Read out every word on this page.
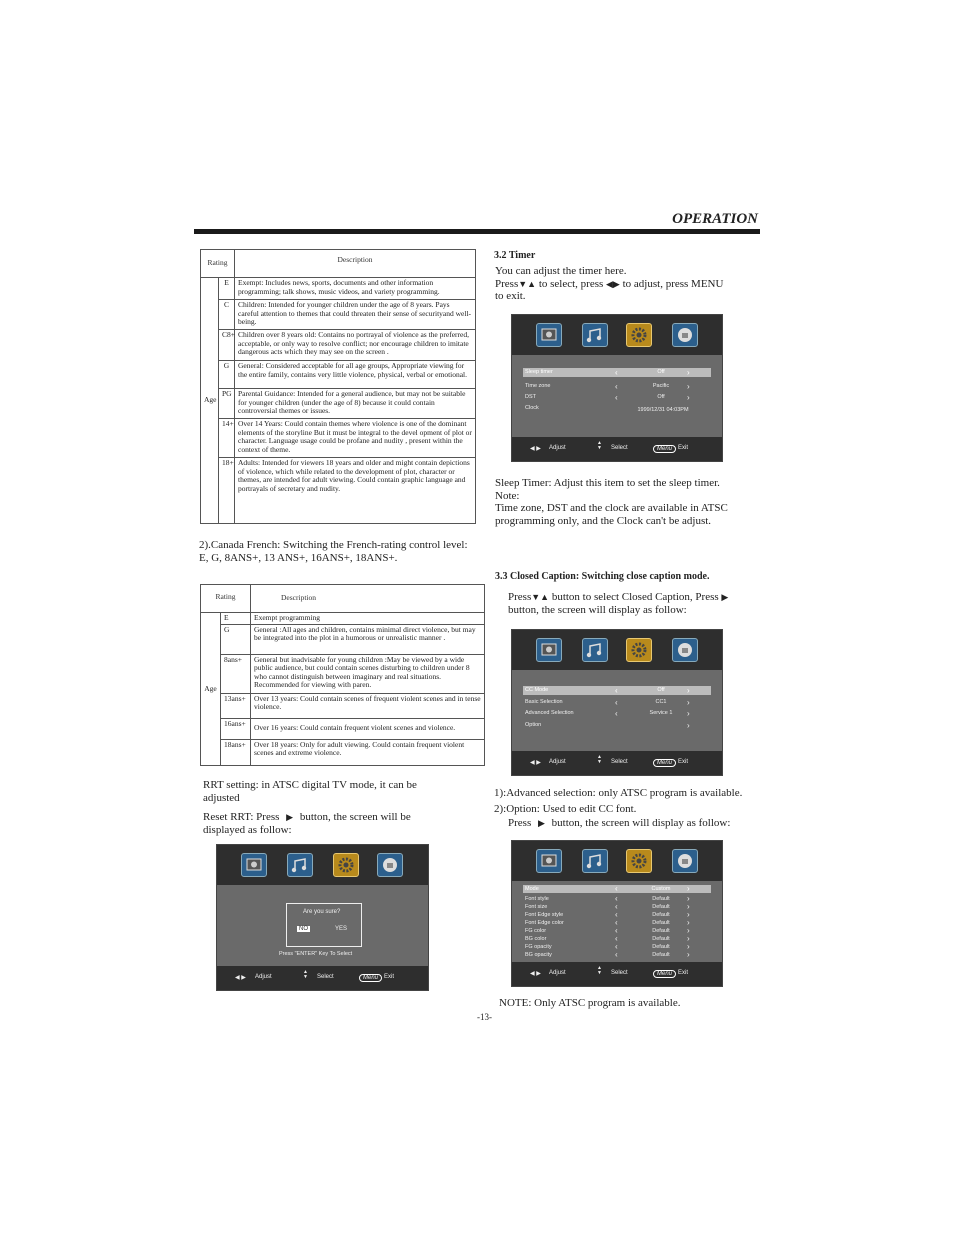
OPERATION
Rating		Description
Age	E	Exempt: Includes news, sports, documents and other information programming; talk shows, music videos, and variety programming.
	C	Children: Intended for younger children under the age of 8 years. Pays careful attention to themes that could threaten their sense of securityand well-being.
	C8+	Children over 8 years old: Contains no portrayal of violence as the preferred, acceptable, or only way to resolve conflict; nor encourage children to imitate dangerous acts which they may see on the screen .
	G	General: Considered acceptable for all age groups, Appropriate viewing for the entire family, contains very little violence, physical, verbal or emotional.
	PG	Parental Guidance: Intended for a general audience, but may not be suitable for younger children (under the age of 8) because it could contain controversial themes or issues.
	14+	Over 14 Years: Could contain themes where violence is one of the dominant elements of the storyline But it must be integral to the devel opment of plot or character. Language usage could be profane and nudity , present within the context of theme.
	18+	Adults: Intended for viewers 18 years and older and might contain depictions of violence, which while related to the development of plot, character or themes, are intended for adult viewing. Could contain graphic language and portrayals of secretary and nudity.
2).Canada French: Switching the French-rating control level: E, G, 8ANS+, 13 ANS+, 16ANS+, 18ANS+.
Rating		Description
Age	E	Exempt programming
	G	General :All ages and children, contains minimal direct violence, but may be integrated into the plot in a humorous or unrealistic manner .
	8ans+	General but inadvisable for young children :May be viewed by a wide public audience, but could contain scenes disturbing to children under 8 who cannot distinguish between imaginary and real situations. Recommended for viewing with paren.
	13ans+	Over 13 years: Could contain scenes of frequent violent scenes and in tense violence.
	16ans+	Over 16 years: Could contain frequent violent scenes and violence.
	18ans+	Over 18 years: Only for adult viewing. Could contain frequent violent scenes and extreme violence.
RRT setting: in ATSC digital TV mode, it can be adjusted
Reset RRT: Press ▶ button, the screen will be displayed as follow:
Are you sure?
NO	YES
Press "ENTER" Key To Select
◀ ▶ Adjust
▲
▼ Select	Menu Exit
3.2 Timer
You can adjust the timer here.
Press▼▲ to select, press ◀▶ to adjust, press MENU
to exit.
Sleep timer	‹	Off	›
Time zone	‹	Pacific	›
DST	‹	Off	›
Clock	1999/12/31 04:03PM
◀ ▶ Adjust
▲
▼ Select	Menu Exit
Sleep Timer: Adjust this item to set the sleep timer.
Note:
Time zone, DST and the clock are available in ATSC
programming only, and the Clock can't be adjust.
3.3 Closed Caption: Switching close caption mode.
Press▼▲ button to select Closed Caption, Press ▶
button, the screen will display as follow:
CC Mode	‹	Off	›
Basic Selection	‹	CC1	›
Advanced Selection	‹	Service 1	›
Option	›
◀ ▶ Adjust
▲
▼ Select	Menu Exit
1):Advanced selection: only ATSC program is available.
2):Option: Used to edit CC font.
Press ▶ button, the screen will display as follow:
Mode	‹	Custom	›
Font style	‹	Default	›
Font size	‹	Default	›
Font Edge style	‹	Default	›
Font Edge color	‹	Default	›
FG color	‹	Default	›
BG color	‹	Default	›
FG opacity	‹	Default	›
BG opacity	‹	Default	›
◀ ▶ Adjust
▲
▼ Select	Menu Exit
NOTE: Only ATSC program is available.
-13-
